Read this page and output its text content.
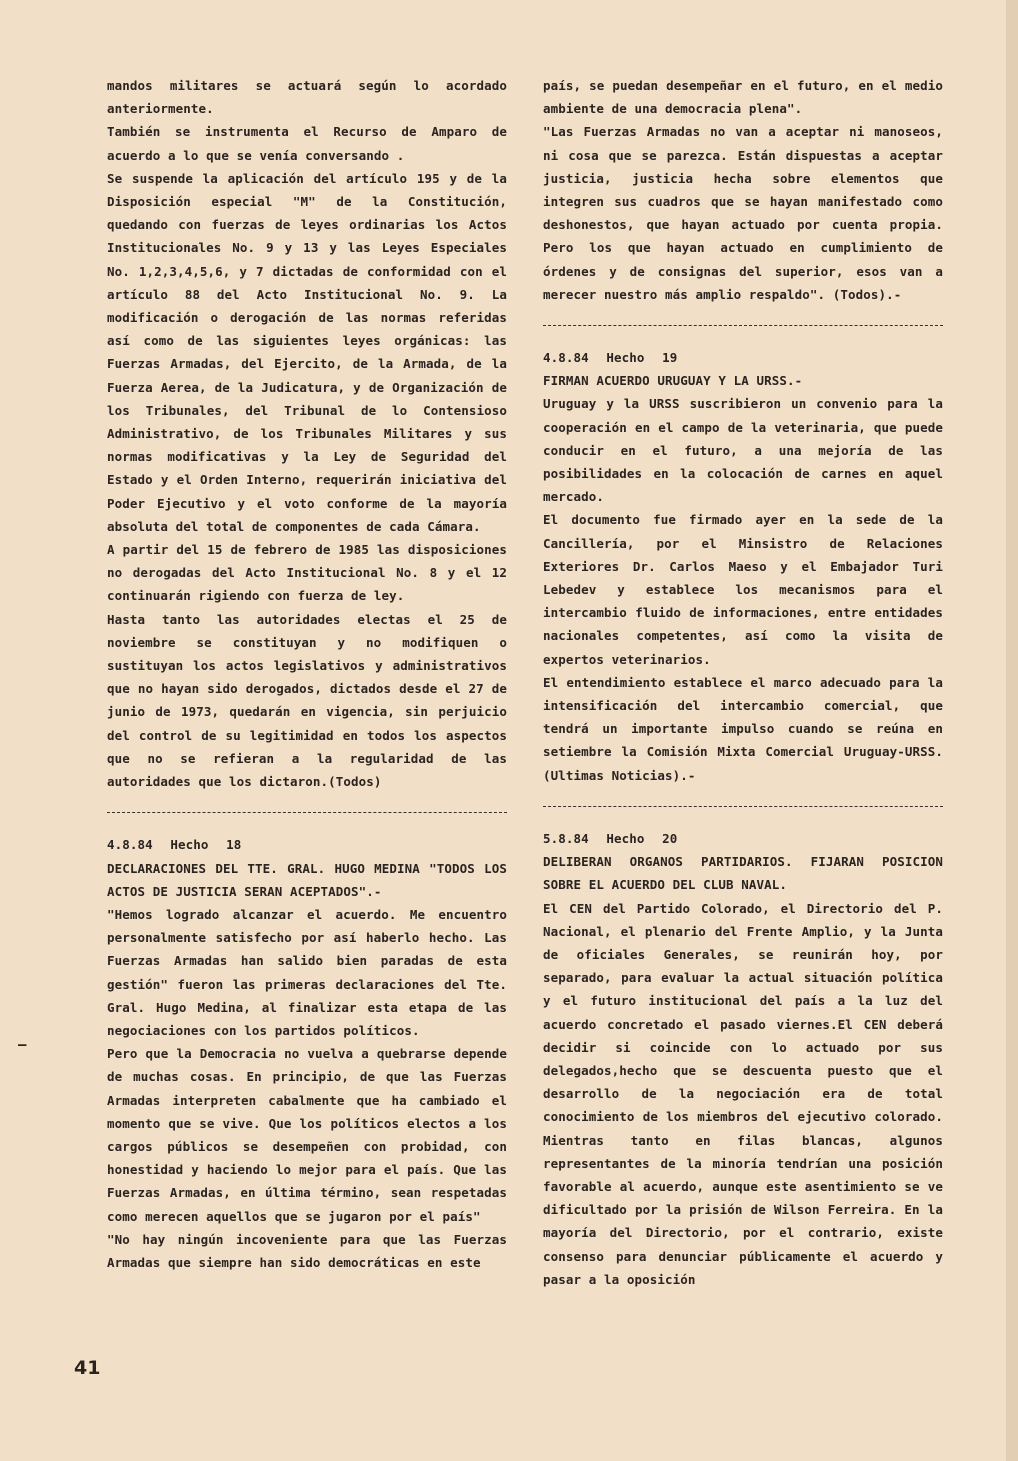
mandos militares se actuará según lo acordado anteriormente.

También se instrumenta el Recurso de Amparo de acuerdo a lo que se venía conversando .

Se suspende la aplicación del artículo 195 y de la Disposición especial "M" de la Constitución, quedando con fuerzas de leyes ordinarias los Actos Institucionales No. 9 y 13 y las Leyes Especiales No. 1,2,3,4,5,6, y 7 dictadas de conformidad con el artículo 88 del Acto Institucional No. 9. La modificación o derogación de las normas referidas así como de las siguientes leyes orgánicas: las Fuerzas Armadas, del Ejercito, de la Armada, de la Fuerza Aerea, de la Judicatura, y de Organización de los Tribunales, del Tribunal de lo Contensioso Administrativo, de los Tribunales Militares y sus normas modificativas y la Ley de Seguridad del Estado y el Orden Interno, requerirán iniciativa del Poder Ejecutivo y el voto conforme de la mayoría absoluta del total de componentes de cada Cámara.

A partir del 15 de febrero de 1985 las disposiciones no derogadas del Acto Institucional No. 8 y el 12 continuarán rigiendo con fuerza de ley.

Hasta tanto las autoridades electas el 25 de noviembre se constituyan y no modifiquen o sustituyan los actos legislativos y administrativos que no hayan sido derogados, dictados desde el 27 de junio de 1973, quedarán en vigencia, sin perjuicio del control de su legitimidad en todos los aspectos que no se refieran a la regularidad de las autoridades que los dictaron.(Todos)

4.8.84 Hecho 18

DECLARACIONES DEL TTE. GRAL. HUGO MEDINA "TODOS LOS ACTOS DE JUSTICIA SERAN ACEPTADOS".-

"Hemos logrado alcanzar el acuerdo. Me encuentro personalmente satisfecho por así haberlo hecho. Las Fuerzas Armadas han salido bien paradas de esta gestión" fueron las primeras declaraciones del Tte. Gral. Hugo Medina, al finalizar esta etapa de las negociaciones con los partidos políticos.

Pero que la Democracia no vuelva a quebrarse depende de muchas cosas. En principio, de que las Fuerzas Armadas interpreten cabalmente que ha cambiado el momento que se vive. Que los políticos electos a los cargos públicos se desempeñen con probidad, con honestidad y haciendo lo mejor para el país. Que las Fuerzas Armadas, en última término, sean respetadas como merecen aquellos que se jugaron por el país"

"No hay ningún incoveniente para que las Fuerzas Armadas que siempre han sido democráticas en este

país, se puedan desempeñar en el futuro, en el medio ambiente de una democracia plena".

"Las Fuerzas Armadas no van a aceptar ni manoseos, ni cosa que se parezca. Están dispuestas a aceptar justicia, justicia hecha sobre elementos que integren sus cuadros que se hayan manifestado como deshonestos, que hayan actuado por cuenta propia. Pero los que hayan actuado en cumplimiento de órdenes y de consignas del superior, esos van a merecer nuestro más amplio respaldo". (Todos).-

4.8.84 Hecho 19

FIRMAN ACUERDO URUGUAY Y LA URSS.-

Uruguay y la URSS suscribieron un convenio para la cooperación en el campo de la veterinaria, que puede conducir en el futuro, a una mejoría de las posibilidades en la colocación de carnes en aquel mercado.

El documento fue firmado ayer en la sede de la Cancillería, por el Minsistro de Relaciones Exteriores Dr. Carlos Maeso y el Embajador Turi Lebedev y establece los mecanismos para el intercambio fluido de informaciones, entre entidades nacionales competentes, así como la visita de expertos veterinarios.

El entendimiento establece el marco adecuado para la intensificación del intercambio comercial, que tendrá un importante impulso cuando se reúna en setiembre la Comisión Mixta Comercial Uruguay-URSS. (Ultimas Noticias).-

5.8.84 Hecho 20

DELIBERAN ORGANOS PARTIDARIOS. FIJARAN POSICION SOBRE EL ACUERDO DEL CLUB NAVAL.

El CEN del Partido Colorado, el Directorio del P. Nacional, el plenario del Frente Amplio, y la Junta de oficiales Generales, se reunirán hoy, por separado, para evaluar la actual situación política y el futuro institucional del país a la luz del acuerdo concretado el pasado viernes.El CEN deberá decidir si coincide con lo actuado por sus delegados,hecho que se descuenta puesto que el desarrollo de la negociación era de total conocimiento de los miembros del ejecutivo colorado. Mientras tanto en filas blancas, algunos representantes de la minoría tendrían una posición favorable al acuerdo, aunque este asentimiento se ve dificultado por la prisión de Wilson Ferreira. En la mayoría del Directorio, por el contrario, existe consenso para denunciar públicamente el acuerdo y pasar a la oposición

—
41
